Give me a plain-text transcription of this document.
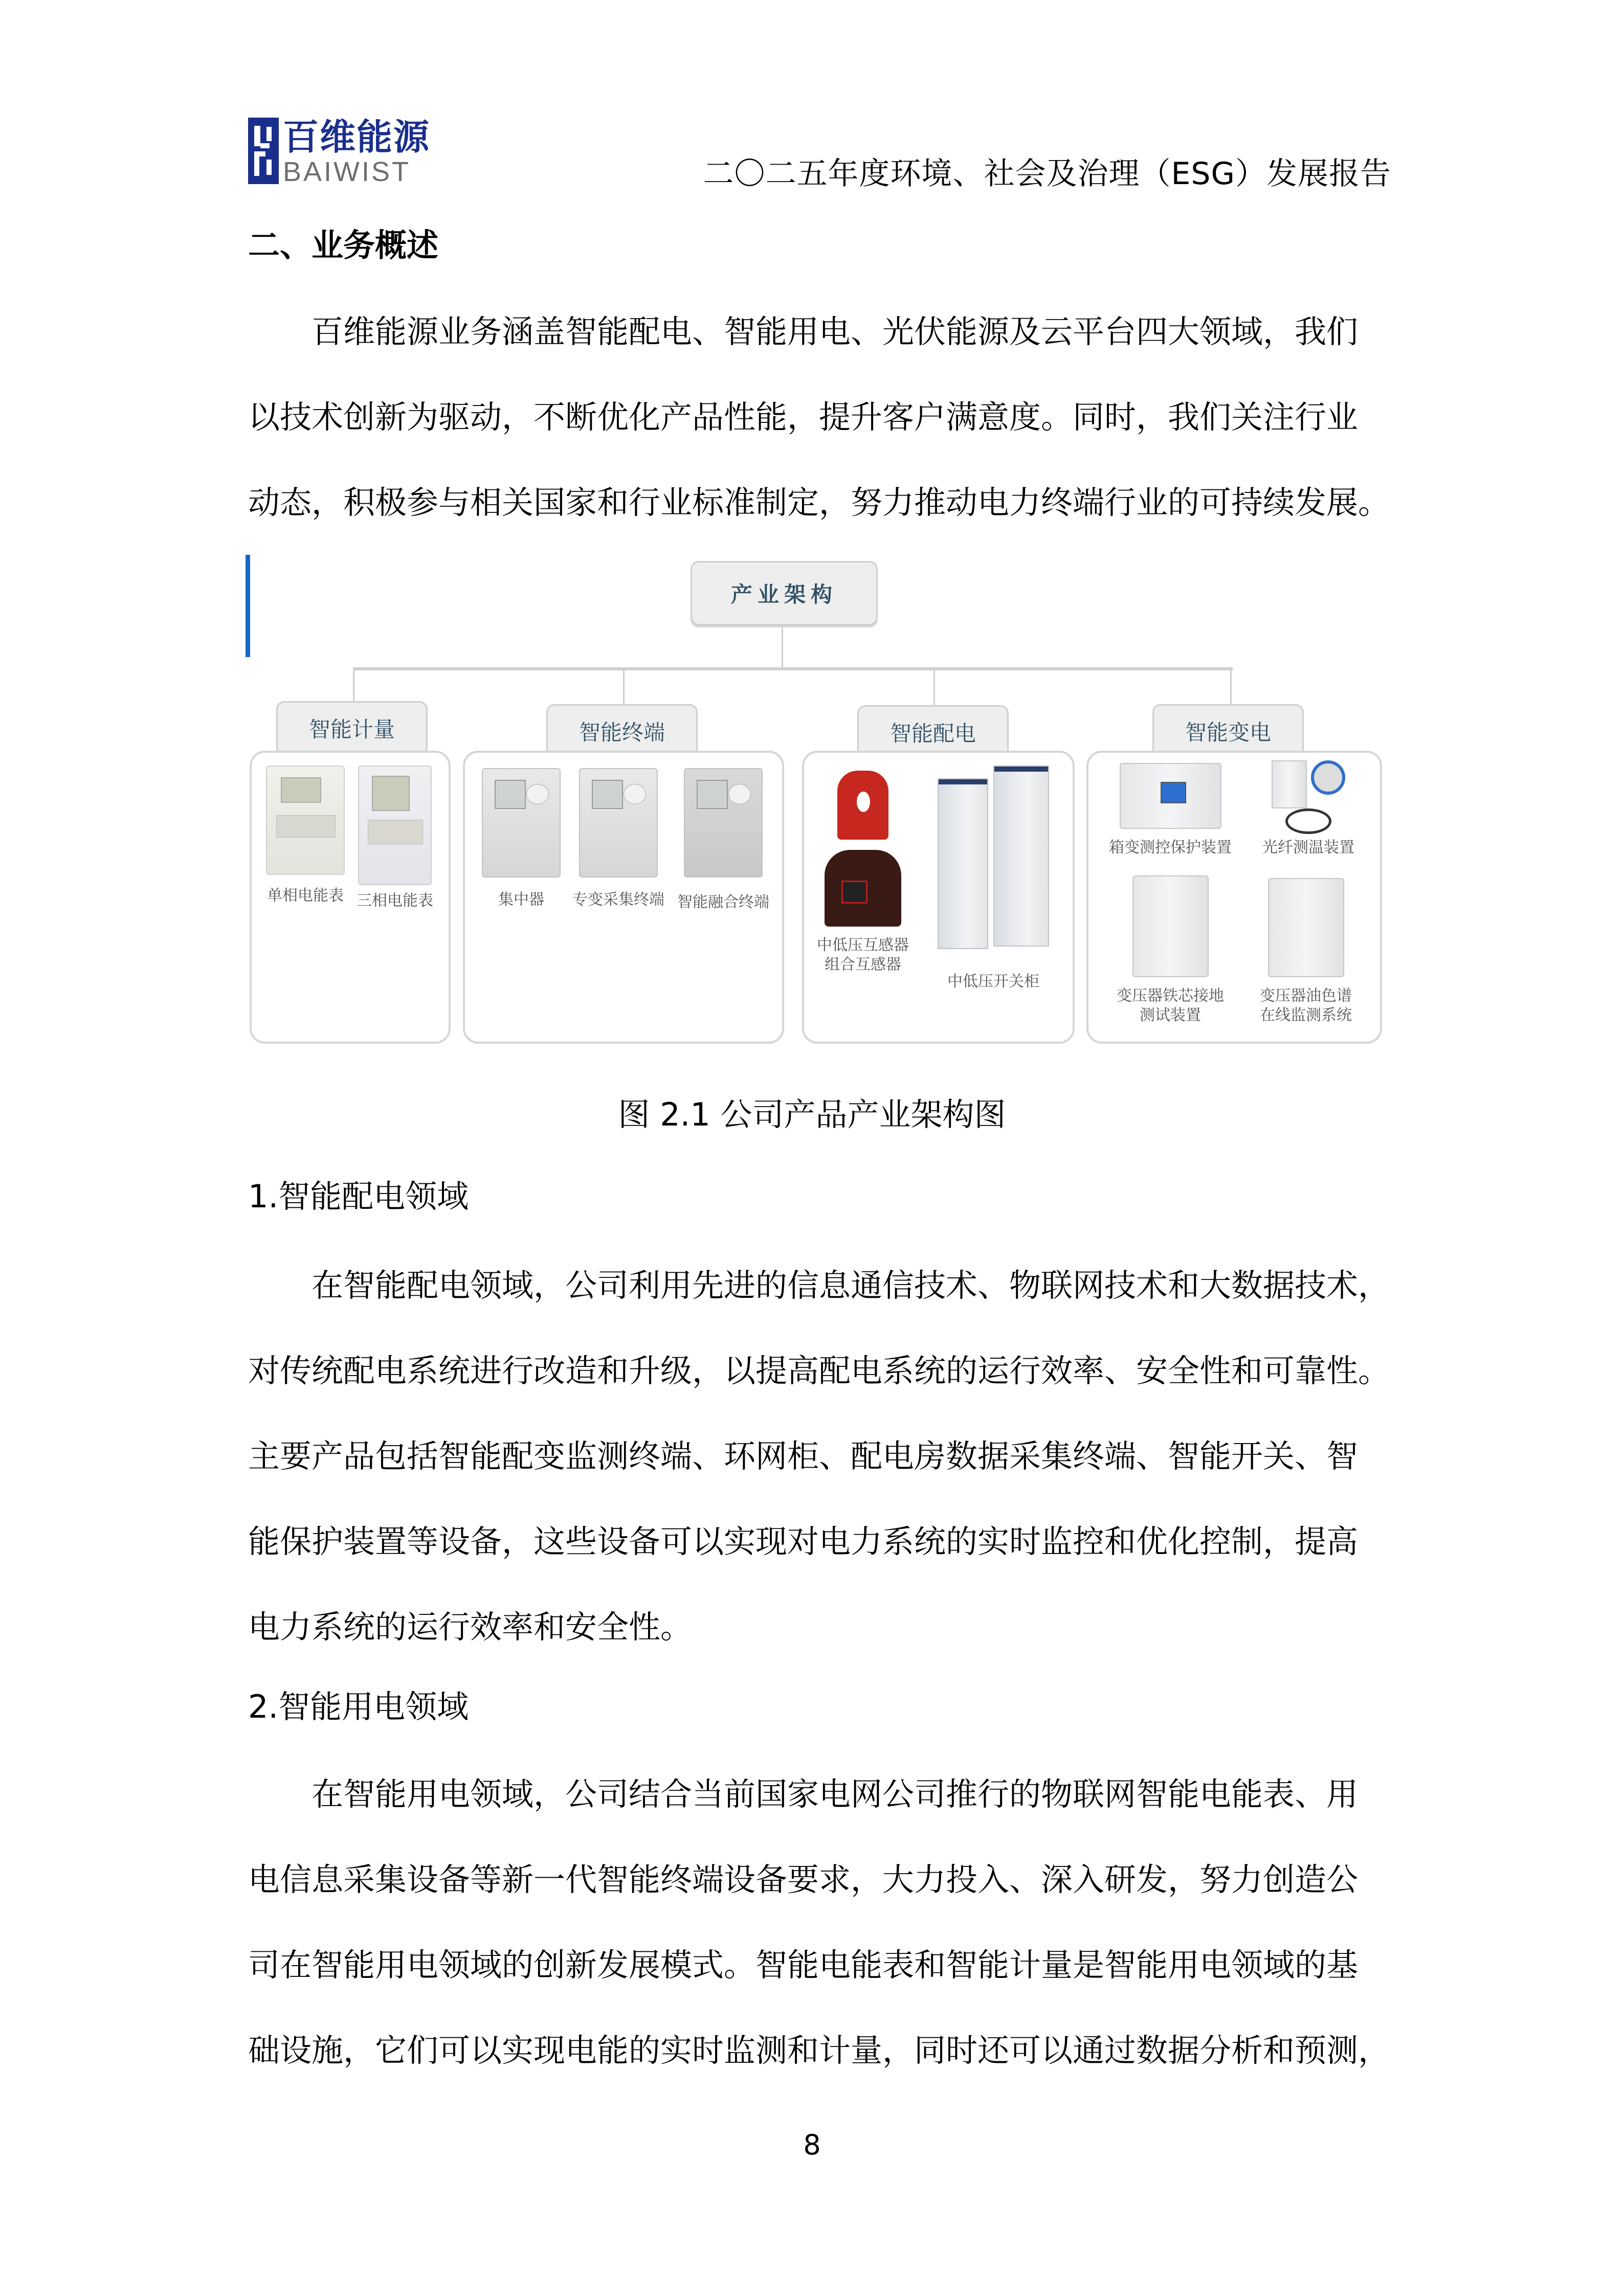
百维能源
BAIWIST	二〇二五年度环境、社会及治理（ESG）发展报告
二、业务概述
百维能源业务涵盖智能配电、智能用电、光伏能源及云平台四大领域，我们
以技术创新为驱动，不断优化产品性能，提升客户满意度。同时，我们关注行业
动态，积极参与相关国家和行业标准制定，努力推动电力终端行业的可持续发展。
产业架构
智能计量	智能终端	智能配电	智能变电
单相电能表 三相电能表	集中器	专变采集终端 智能融合终端
中低压互感器
组合互感器
中低压开关柜
箱变测控保护装置	光纤测温装置
变压器铁芯接地
测试装置
变压器油色谱
在线监测系统
图 2.1 公司产品产业架构图
1.智能配电领域
在智能配电领域，公司利用先进的信息通信技术、物联网技术和大数据技术，
对传统配电系统进行改造和升级，以提高配电系统的运行效率、安全性和可靠性。
主要产品包括智能配变监测终端、环网柜、配电房数据采集终端、智能开关、智
能保护装置等设备，这些设备可以实现对电力系统的实时监控和优化控制，提高
电力系统的运行效率和安全性。
2.智能用电领域
在智能用电领域，公司结合当前国家电网公司推行的物联网智能电能表、用
电信息采集设备等新一代智能终端设备要求，大力投入、深入研发，努力创造公
司在智能用电领域的创新发展模式。智能电能表和智能计量是智能用电领域的基
础设施，它们可以实现电能的实时监测和计量，同时还可以通过数据分析和预测，
8
